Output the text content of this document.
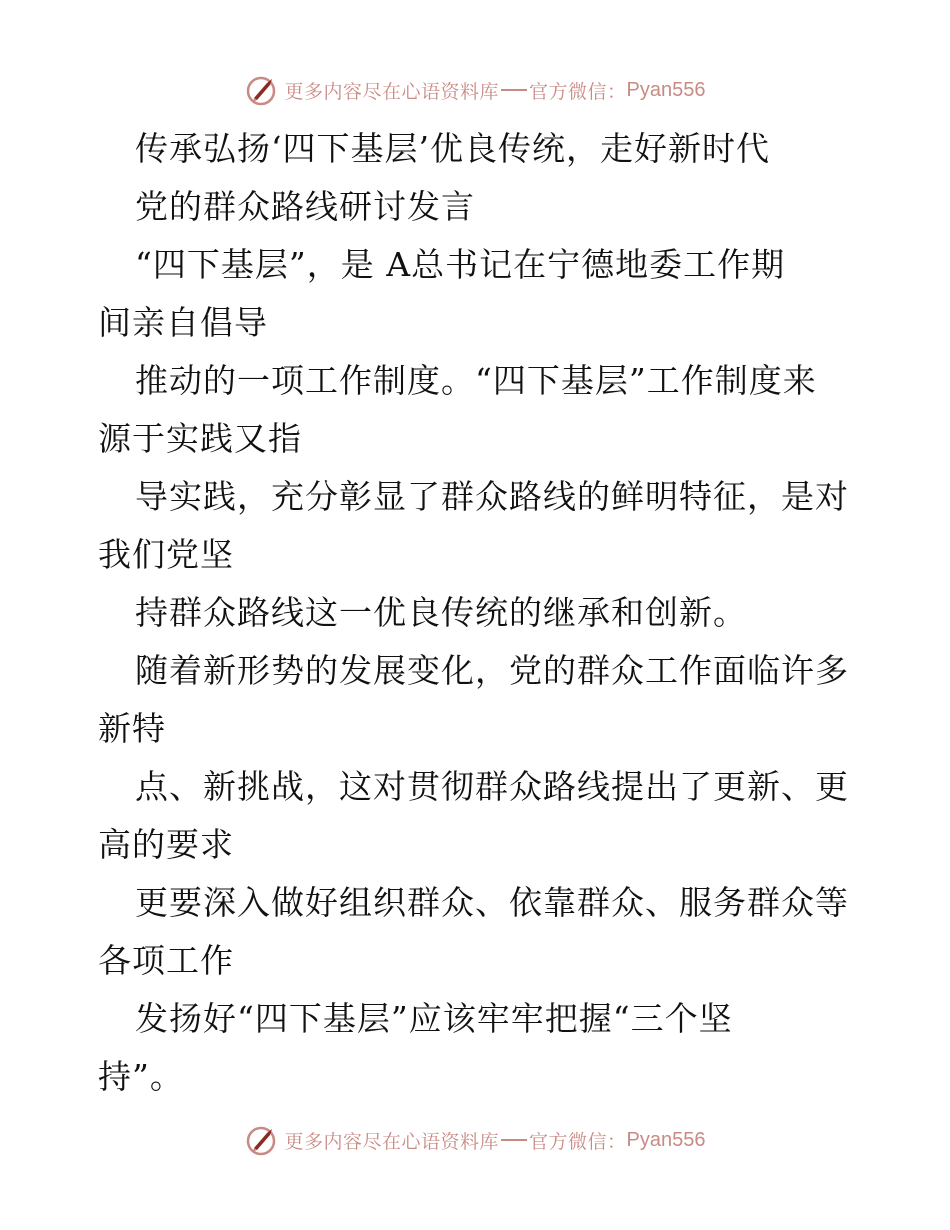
更多内容尽在心语资料库 官方微信： Pyan556
传承弘扬‘四下基层’优良传统，走好新时代
党的群众路线研讨发言
“四下基层”，是 A总书记在宁德地委工作期
间亲自倡导
推动的一项工作制度。“四下基层”工作制度来
源于实践又指
导实践，充分彰显了群众路线的鲜明特征，是对
我们党坚
持群众路线这一优良传统的继承和创新。
随着新形势的发展变化，党的群众工作面临许多
新特
点、新挑战，这对贯彻群众路线提出了更新、更
高的要求
更要深入做好组织群众、依靠群众、服务群众等
各项工作
发扬好“四下基层”应该牢牢把握“三个坚
持”。
更多内容尽在心语资料库 官方微信： Pyan556
